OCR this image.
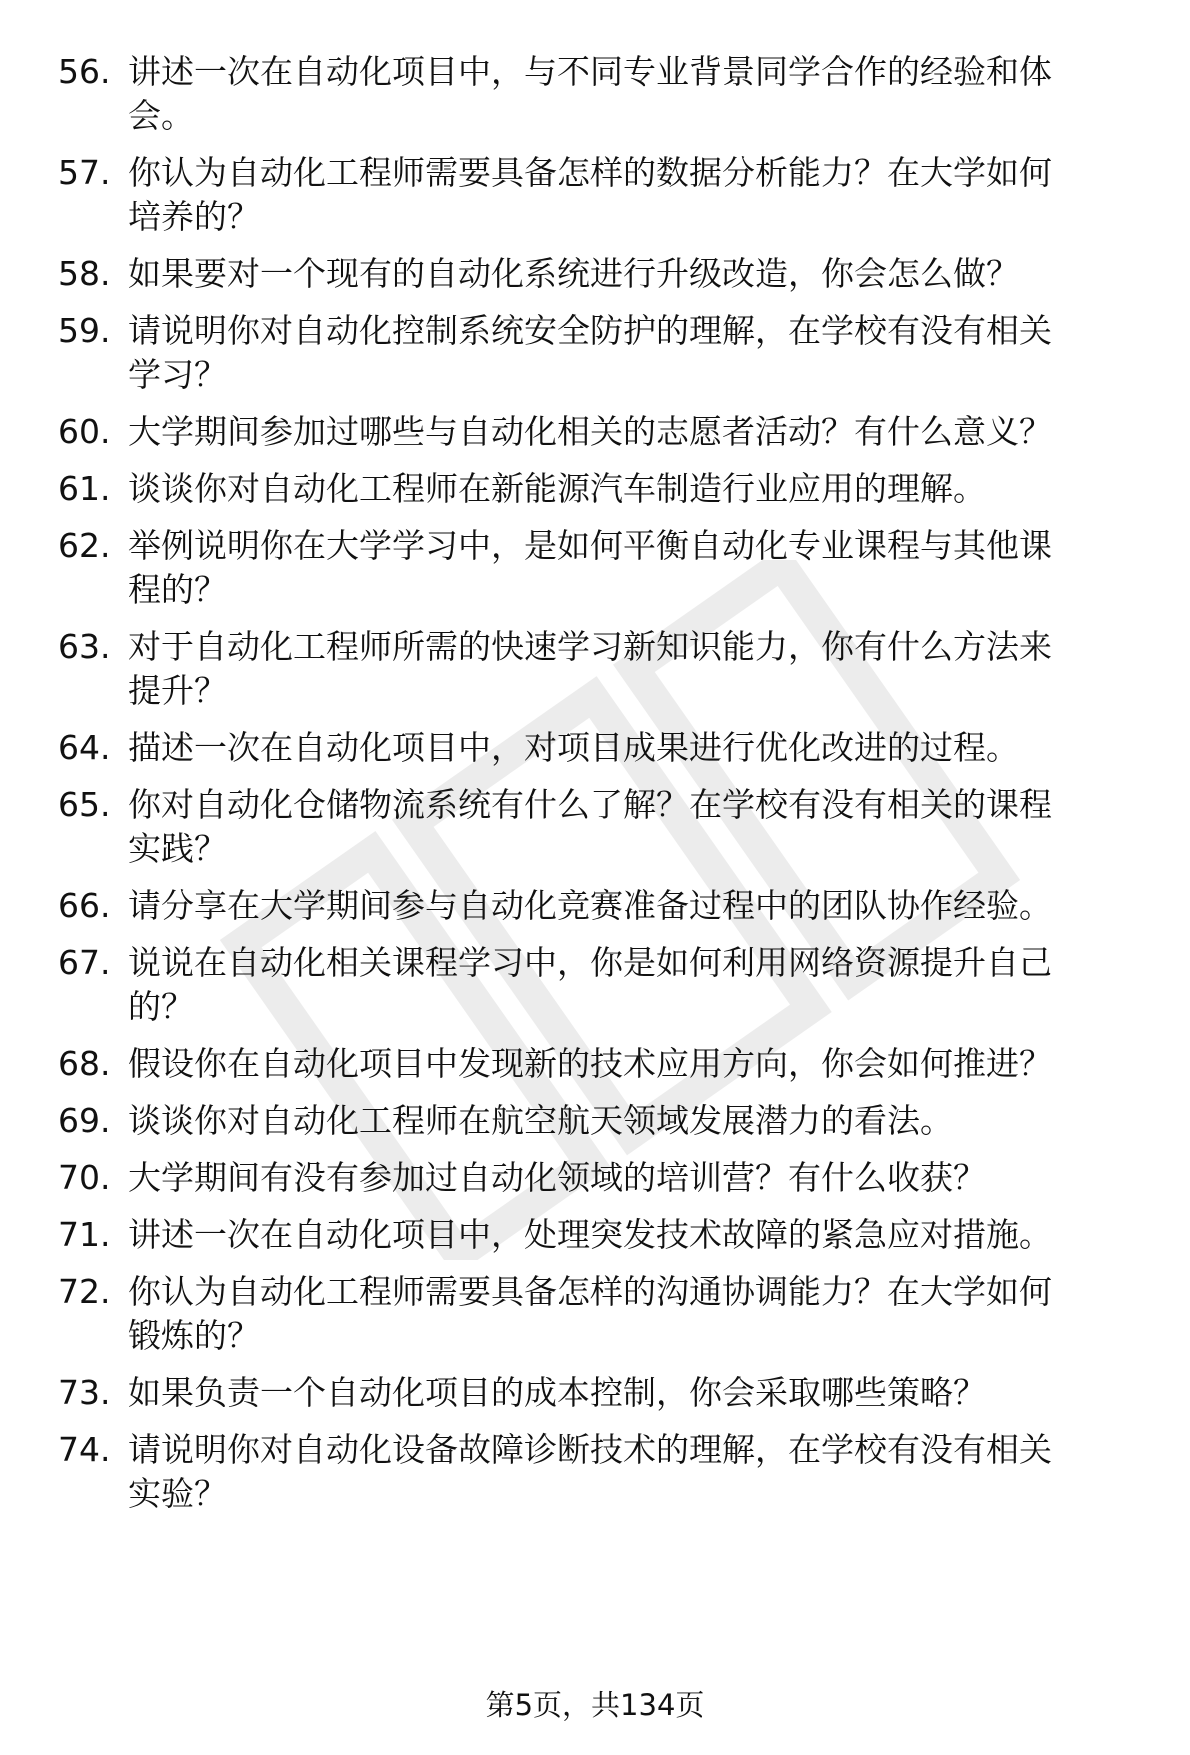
56. 讲述一次在自动化项目中，与不同专业背景同学合作的经验和体
会。
57. 你认为自动化工程师需要具备怎样的数据分析能力？在大学如何
培养的？
58. 如果要对一个现有的自动化系统进行升级改造，你会怎么做？
59. 请说明你对自动化控制系统安全防护的理解，在学校有没有相关
学习？
60. 大学期间参加过哪些与自动化相关的志愿者活动？有什么意义？
61. 谈谈你对自动化工程师在新能源汽车制造行业应用的理解。
62. 举例说明你在大学学习中，是如何平衡自动化专业课程与其他课
程的？
63. 对于自动化工程师所需的快速学习新知识能力，你有什么方法来
提升？
64. 描述一次在自动化项目中，对项目成果进行优化改进的过程。
65. 你对自动化仓储物流系统有什么了解？在学校有没有相关的课程
实践？
66. 请分享在大学期间参与自动化竞赛准备过程中的团队协作经验。
67. 说说在自动化相关课程学习中，你是如何利用网络资源提升自己
的？
68. 假设你在自动化项目中发现新的技术应用方向，你会如何推进？
69. 谈谈你对自动化工程师在航空航天领域发展潜力的看法。
70. 大学期间有没有参加过自动化领域的培训营？有什么收获？
71. 讲述一次在自动化项目中，处理突发技术故障的紧急应对措施。
72. 你认为自动化工程师需要具备怎样的沟通协调能力？在大学如何
锻炼的？
73. 如果负责一个自动化项目的成本控制，你会采取哪些策略？
74. 请说明你对自动化设备故障诊断技术的理解，在学校有没有相关
实验？
第5页，共134页
